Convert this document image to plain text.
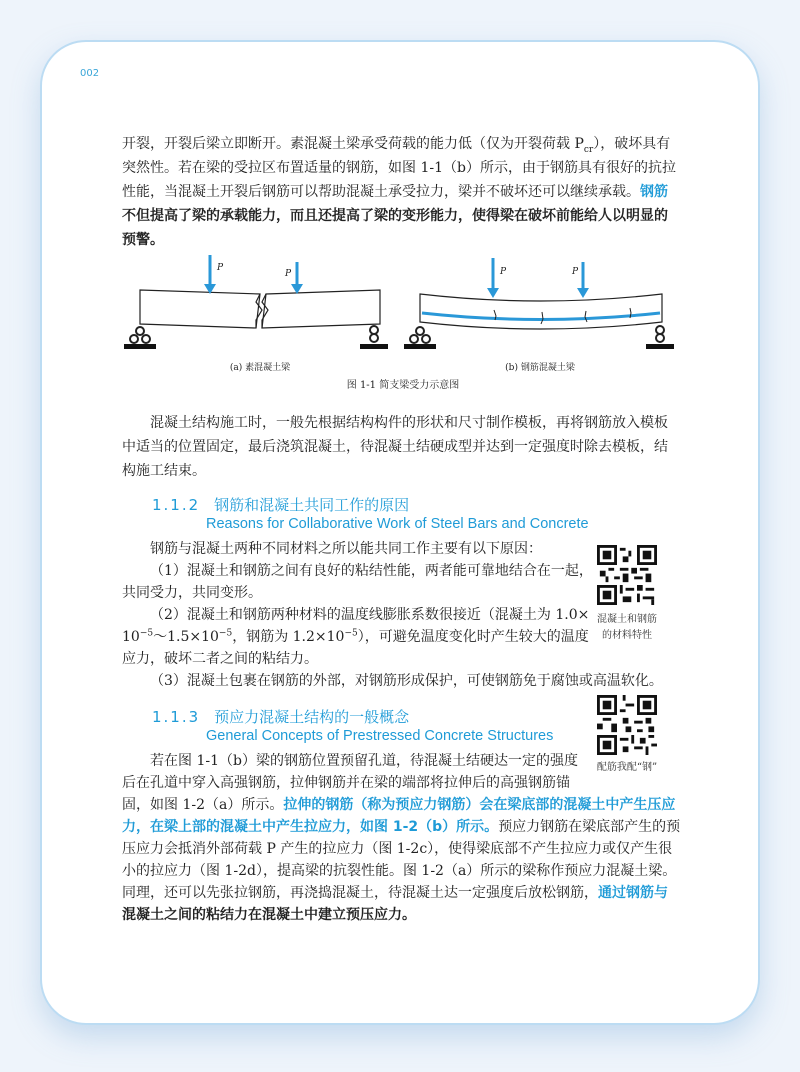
002
开裂，开裂后梁立即断开。素混凝土梁承受荷载的能力低（仅为开裂荷载 $P_{cr}$），破坏具有
突然性。若在梁的受拉区布置适量的钢筋，如图 1-1（b）所示，由于钢筋具有很好的抗拉
性能，当混凝土开裂后钢筋可以帮助混凝土承受拉力，梁并不破坏还可以继续承载。钢筋
不但提高了梁的承载能力，而且还提高了梁的变形能力，使得梁在破坏前能给人以明显的
预警。
P
P	P	P
(a) 素混凝土梁	(b) 钢筋混凝土梁
图 1-1 简支梁受力示意图
混凝土结构施工时，一般先根据结构构件的形状和尺寸制作模板，再将钢筋放入模板
中适当的位置固定，最后浇筑混凝土，待混凝土结硬成型并达到一定强度时除去模板，结
构施工结束。
1.1.2 钢筋和混凝土共同工作的原因
Reasons for Collaborative Work of Steel Bars and Concrete
钢筋与混凝土两种不同材料之所以能共同工作主要有以下原因：
（1）混凝土和钢筋之间有良好的粘结性能，两者能可靠地结合在一起，
共同受力，共同变形。
（2）混凝土和钢筋两种材料的温度线膨胀系数很接近（混凝土为 1.0×
$10^{-5}\sim 1.5\times 10^{-5}$，钢筋为 $1.2\times 10^{-5}$），可避免温度变化时产生较大的温度
应力，破坏二者之间的粘结力。
（3）混凝土包裹在钢筋的外部，对钢筋形成保护，可使钢筋免于腐蚀或高温软化。
混凝土和钢筋
的材料特性
1.1.3 预应力混凝土结构的一般概念
General Concepts of Prestressed Concrete Structures
配筋我配“钢”
若在图 1-1（b）梁的钢筋位置预留孔道，待混凝土结硬达一定的强度
后在孔道中穿入高强钢筋，拉伸钢筋并在梁的端部将拉伸后的高强钢筋锚
固，如图 1-2（a）所示。拉伸的钢筋（称为预应力钢筋）会在梁底部的混凝土中产生压应
力，在梁上部的混凝土中产生拉应力，如图 1-2（b）所示。预应力钢筋在梁底部产生的预
压应力会抵消外部荷载 P 产生的拉应力（图 1-2c），使得梁底部不产生拉应力或仅产生很
小的拉应力（图 1-2d），提高梁的抗裂性能。图 1-2（a）所示的梁称作预应力混凝土梁。
同理，还可以先张拉钢筋，再浇捣混凝土，待混凝土达一定强度后放松钢筋，通过钢筋与
混凝土之间的粘结力在混凝土中建立预压应力。
